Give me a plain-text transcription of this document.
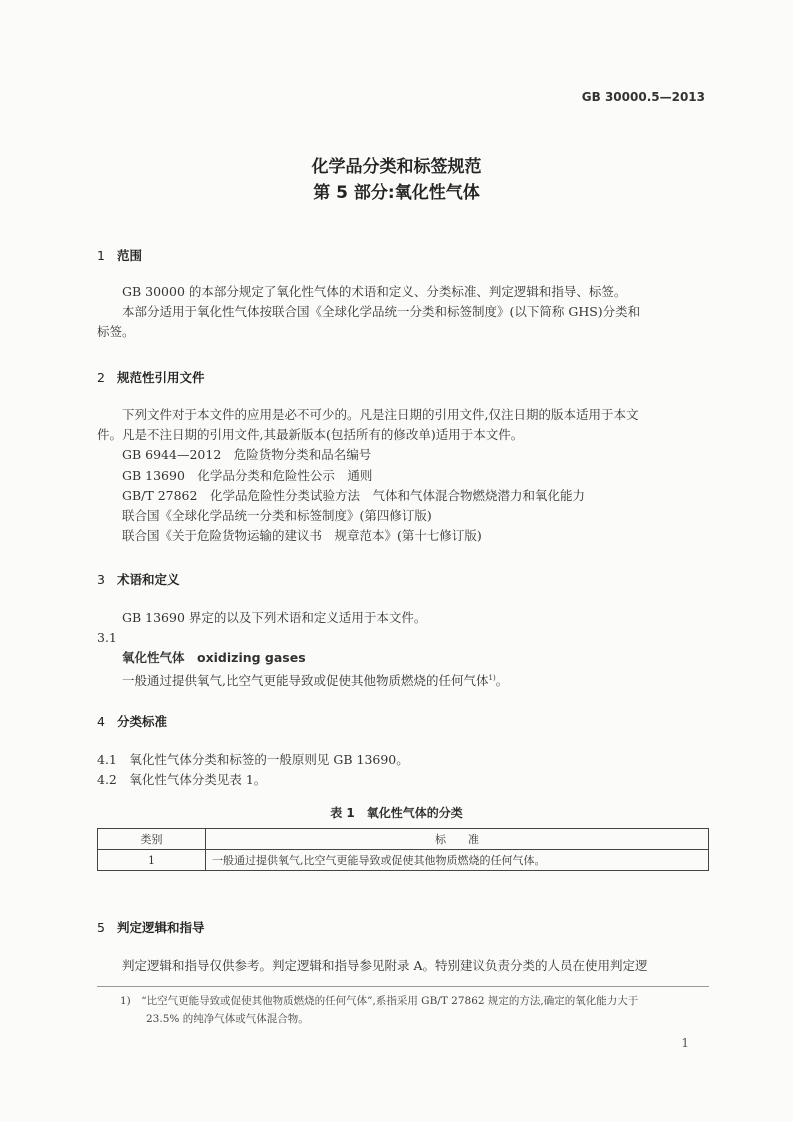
GB 30000.5—2013
化学品分类和标签规范
第 5 部分:氧化性气体
1 范围
GB 30000 的本部分规定了氧化性气体的术语和定义、分类标准、判定逻辑和指导、标签。
本部分适用于氧化性气体按联合国《全球化学品统一分类和标签制度》(以下简称 GHS)分类和
标签。
2 规范性引用文件
下列文件对于本文件的应用是必不可少的。凡是注日期的引用文件,仅注日期的版本适用于本文
件。凡是不注日期的引用文件,其最新版本(包括所有的修改单)适用于本文件。
GB 6944—2012　危险货物分类和品名编号
GB 13690　化学品分类和危险性公示　通则
GB/T 27862　化学品危险性分类试验方法　气体和气体混合物燃烧潜力和氧化能力
联合国《全球化学品统一分类和标签制度》(第四修订版)
联合国《关于危险货物运输的建议书　规章范本》(第十七修订版)
3 术语和定义
GB 13690 界定的以及下列术语和定义适用于本文件。
3.1
氧化性气体　oxidizing gases
一般通过提供氧气,比空气更能导致或促使其他物质燃烧的任何气体$^{1)}$。
4 分类标准
4.1　氧化性气体分类和标签的一般原则见 GB 13690。
4.2　氧化性气体分类见表 1。
表 1　氧化性气体的分类
类别	标　　准
1	一般通过提供氧气,比空气更能导致或促使其他物质燃烧的任何气体。
5 判定逻辑和指导
判定逻辑和指导仅供参考。判定逻辑和指导参见附录 A。特别建议负责分类的人员在使用判定逻
1)　“比空气更能导致或促使其他物质燃烧的任何气体”,系指采用 GB/T 27862 规定的方法,确定的氧化能力大于
23.5% 的纯净气体或气体混合物。
1
